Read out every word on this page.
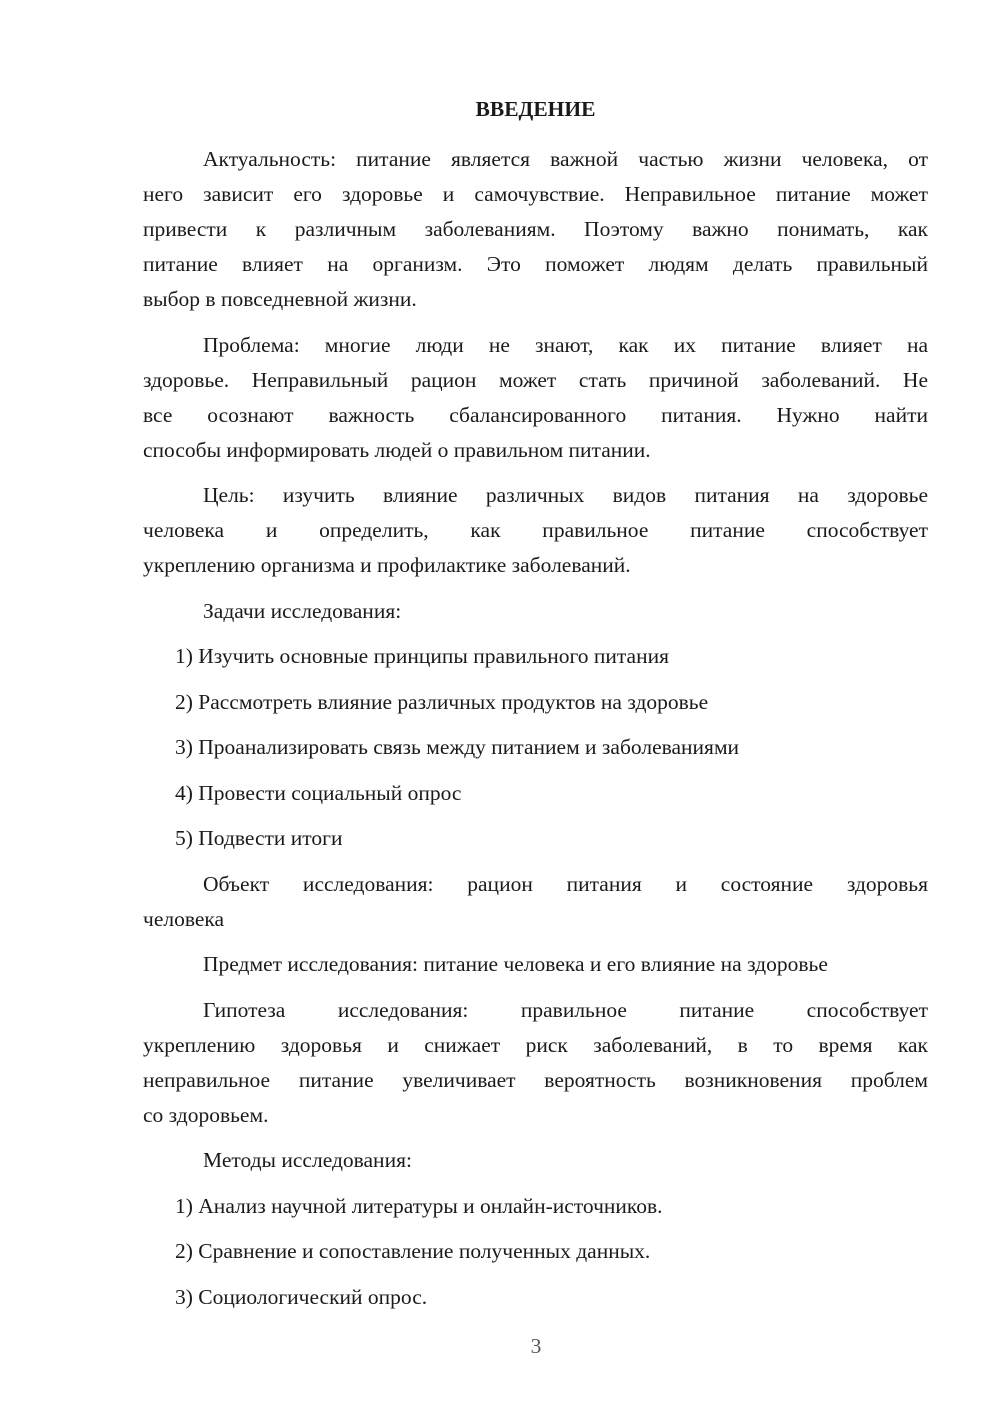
ВВЕДЕНИЕ
Актуальность: питание является важной частью жизни человека, от
него зависит его здоровье и самочувствие. Неправильное питание может
привести к различным заболеваниям. Поэтому важно понимать, как
питание влияет на организм. Это поможет людям делать правильный
выбор в повседневной жизни.
Проблема: многие люди не знают, как их питание влияет на
здоровье. Неправильный рацион может стать причиной заболеваний. Не
все осознают важность сбалансированного питания. Нужно найти
способы информировать людей о правильном питании.
Цель: изучить влияние различных видов питания на здоровье
человека и определить, как правильное питание способствует
укреплению организма и профилактике заболеваний.
Задачи исследования:
1) Изучить основные принципы правильного питания
2) Рассмотреть влияние различных продуктов на здоровье
3) Проанализировать связь между питанием и заболеваниями
4) Провести социальный опрос
5) Подвести итоги
Объект исследования: рацион питания и состояние здоровья
человека
Предмет исследования: питание человека и его влияние на здоровье
Гипотеза исследования: правильное питание способствует
укреплению здоровья и снижает риск заболеваний, в то время как
неправильное питание увеличивает вероятность возникновения проблем
со здоровьем.
Методы исследования:
1) Анализ научной литературы и онлайн-источников.
2) Сравнение и сопоставление полученных данных.
3) Социологический опрос.
3
